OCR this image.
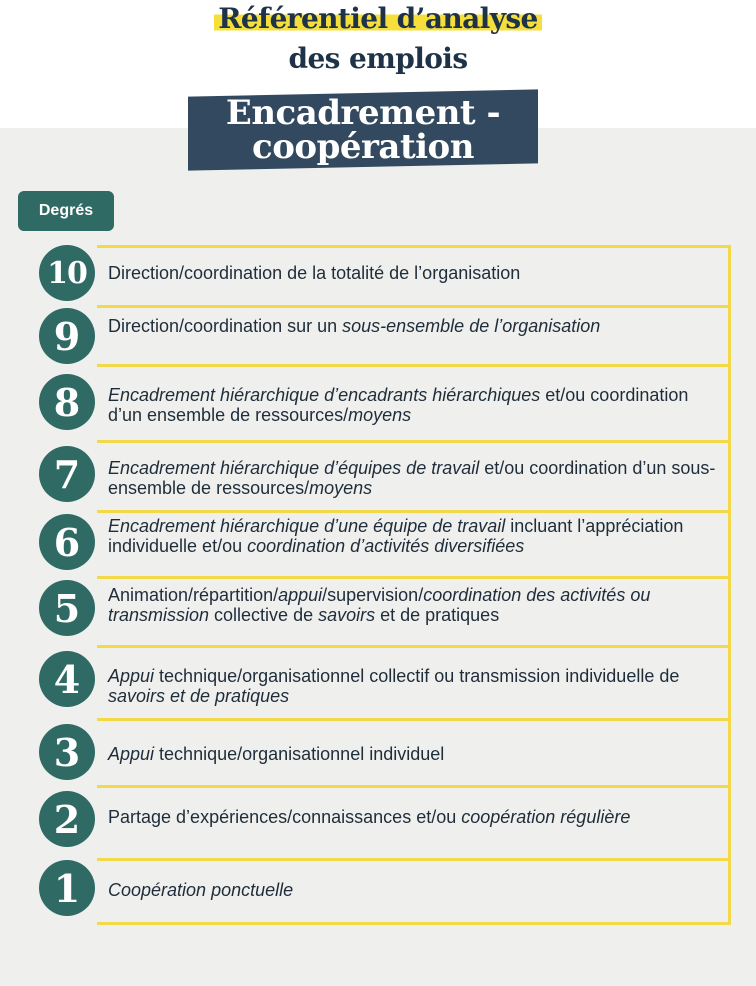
Référentiel d’analyse
des emplois
Encadrement -
coopération
Degrés
10	Direction/coordination de la totalité de l’organisation
9	Direction/coordination sur un sous-ensemble de l’organisation
8	Encadrement hiérarchique d’encadrants hiérarchiques et/ou coordination d’un ensemble de ressources/moyens
7	Encadrement hiérarchique d’équipes de travail et/ou coordination d’un sous-ensemble de ressources/moyens
6	Encadrement hiérarchique d’une équipe de travail incluant l’appréciation individuelle et/ou coordination d’activités diversifiées
5	Animation/répartition/appui/supervision/coordination des activités ou transmission collective de savoirs et de pratiques
4	Appui technique/organisationnel collectif ou transmission individuelle de savoirs et de pratiques
3	Appui technique/organisationnel individuel
2	Partage d’expériences/connaissances et/ou coopération régulière
1	Coopération ponctuelle
